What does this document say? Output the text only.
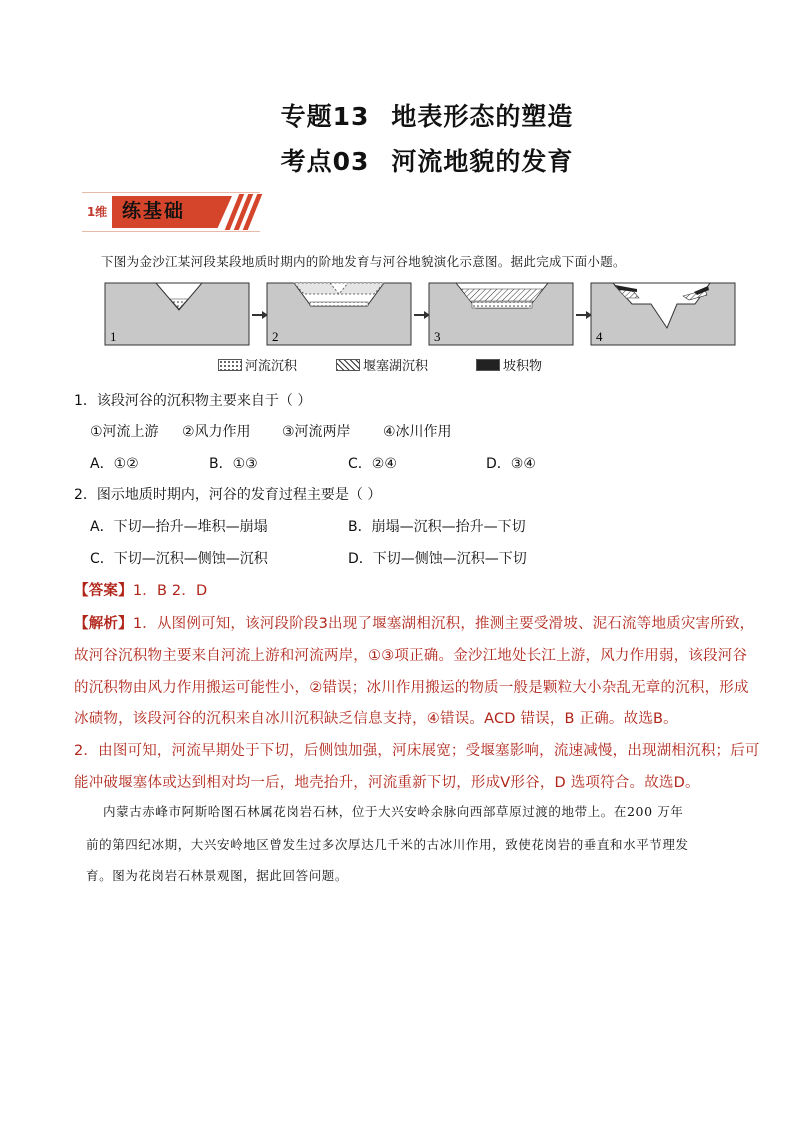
专题13 地表形态的塑造
考点03 河流地貌的发育
1维 练基础
下图为金沙江某河段某段地质时期内的阶地发育与河谷地貌演化示意图。据此完成下面小题。
1	2	3	4
河流沉积	堰塞湖沉积	坡积物
1．该段河谷的沉积物主要来自于（ ）
①河流上游 ②风力作用 ③河流两岸 ④冰川作用
A．①②	B．①③	C．②④	D．③④
2．图示地质时期内，河谷的发育过程主要是（ ）
A．下切—抬升—堆积—崩塌	B．崩塌—沉积—抬升—下切
C．下切—沉积—侧蚀—沉积	D．下切—侧蚀—沉积—下切
【答案】1．B 2．D
【解析】1．从图例可知，该河段阶段3出现了堰塞湖相沉积，推测主要受滑坡、泥石流等地质灾害所致，
故河谷沉积物主要来自河流上游和河流两岸，①③项正确。金沙江地处长江上游，风力作用弱，该段河谷
的沉积物由风力作用搬运可能性小，②错误；冰川作用搬运的物质一般是颗粒大小杂乱无章的沉积，形成
冰碛物，该段河谷的沉积来自冰川沉积缺乏信息支持，④错误。ACD 错误，B 正确。故选B。
2．由图可知，河流早期处于下切，后侧蚀加强，河床展宽；受堰塞影响，流速减慢，出现湖相沉积；后可
能冲破堰塞体或达到相对均一后，地壳抬升，河流重新下切，形成V形谷，D 选项符合。故选D。
内蒙古赤峰市阿斯哈图石林属花岗岩石林，位于大兴安岭余脉向西部草原过渡的地带上。在200 万年
前的第四纪冰期，大兴安岭地区曾发生过多次厚达几千米的古冰川作用，致使花岗岩的垂直和水平节理发
育。图为花岗岩石林景观图，据此回答问题。
